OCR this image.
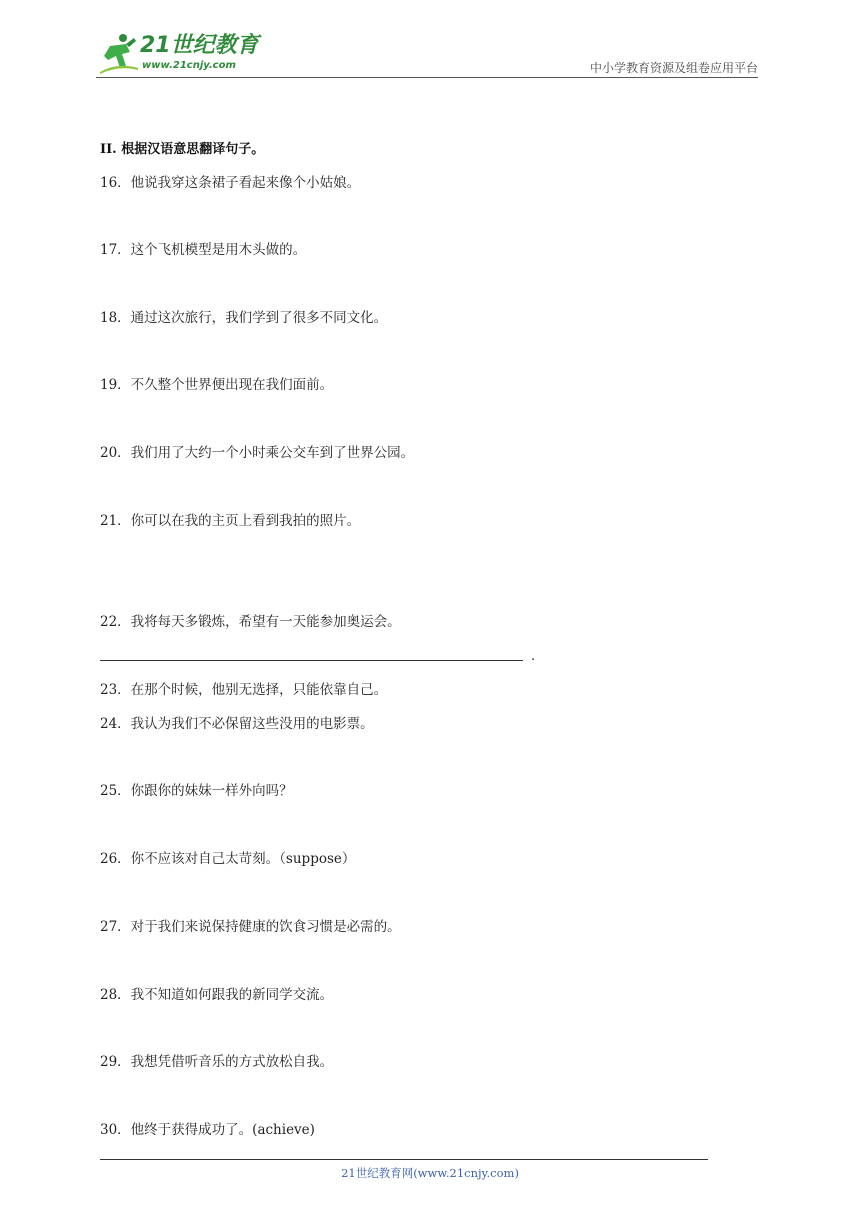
21世纪教育
www.21cnjy.com	中小学教育资源及组卷应用平台
II. 根据汉语意思翻译句子。
16．他说我穿这条裙子看起来像个小姑娘。
17．这个飞机模型是用木头做的。
18．通过这次旅行，我们学到了很多不同文化。
19．不久整个世界便出现在我们面前。
20．我们用了大约一个小时乘公交车到了世界公园。
21．你可以在我的主页上看到我拍的照片。
22．我将每天多锻炼，希望有一天能参加奥运会。
.
23．在那个时候，他别无选择，只能依靠自己。
24．我认为我们不必保留这些没用的电影票。
25．你跟你的妹妹一样外向吗？
26．你不应该对自己太苛刻。（suppose）
27．对于我们来说保持健康的饮食习惯是必需的。
28．我不知道如何跟我的新同学交流。
29．我想凭借听音乐的方式放松自我。
30．他终于获得成功了。(achieve)
21世纪教育网(www.21cnjy.com)
